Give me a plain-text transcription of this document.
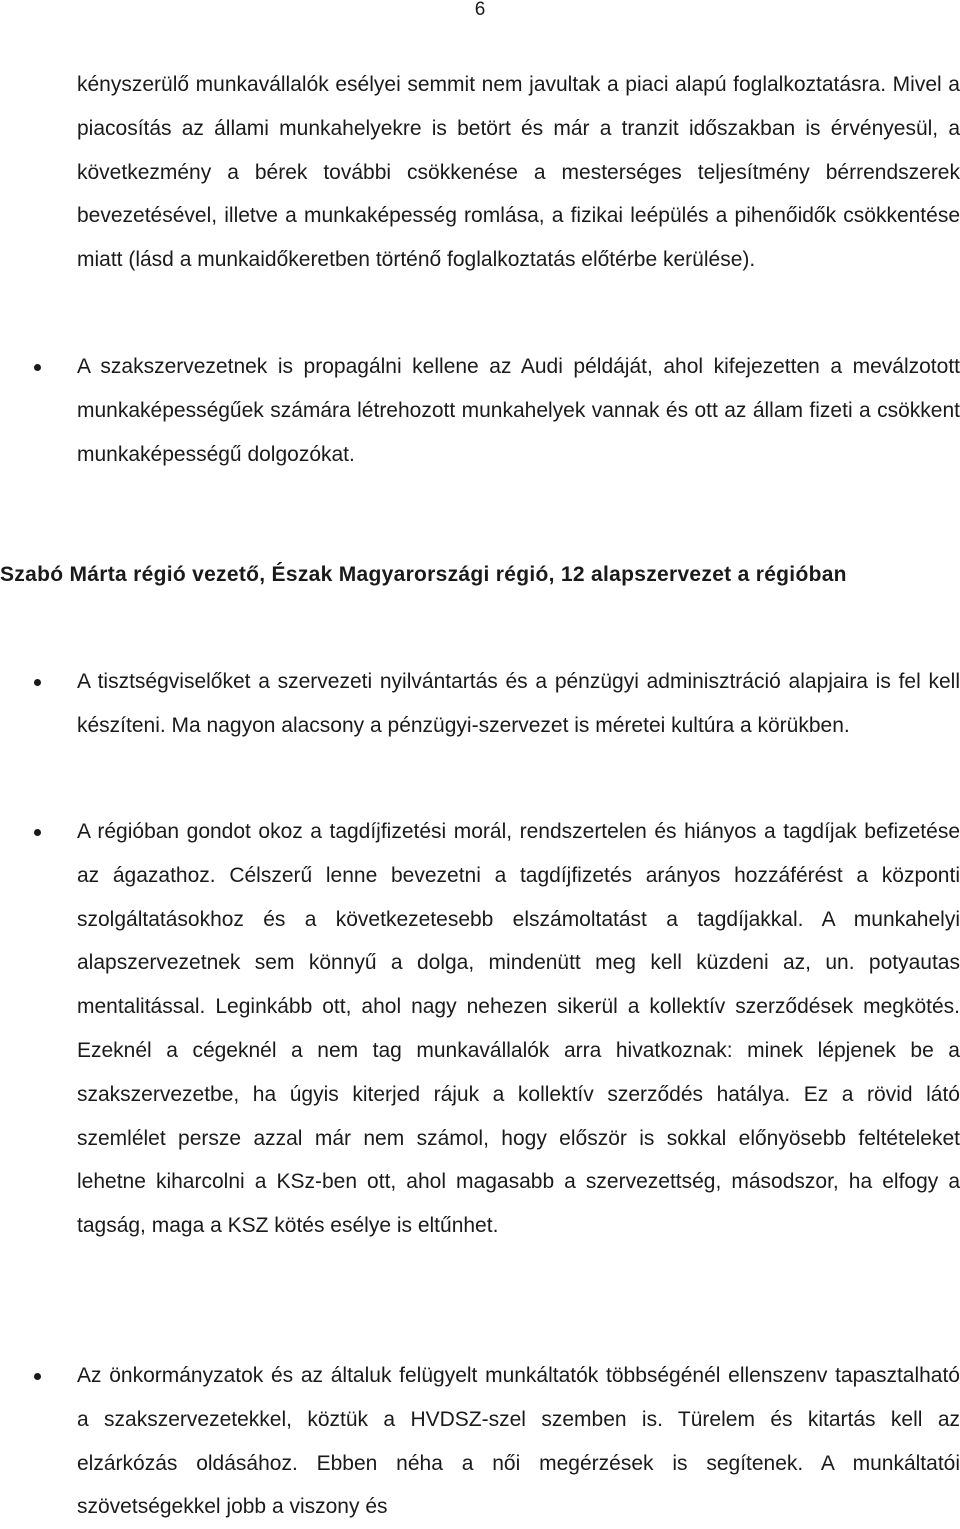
6

kényszerülő munkavállalók esélyei semmit nem javultak a piaci alapú foglalkoztatásra. Mivel a piacosítás az állami munkahelyekre is betört és már a tranzit időszakban is érvényesül, a következmény a bérek további csökkenése a mesterséges teljesítmény bérrendszerek bevezetésével, illetve a munkaképesség romlása, a fizikai leépülés a pihenőidők csökkentése miatt (lásd a munkaidőkeretben történő foglalkoztatás előtérbe kerülése).

A szakszervezetnek is propagálni kellene az Audi példáját, ahol kifejezetten a meválzotott munkaképességűek számára létrehozott munkahelyek vannak és ott az állam fizeti a csökkent munkaképességű dolgozókat.

Szabó Márta régió vezető, Észak Magyarországi régió, 12 alapszervezet a régióban

A tisztségviselőket a szervezeti nyilvántartás és a pénzügyi adminisztráció alapjaira is fel kell készíteni. Ma nagyon alacsony a pénzügyi-szervezet is méretei kultúra a körükben.

A régióban gondot okoz a tagdíjfizetési morál, rendszertelen és hiányos a tagdíjak befizetése az ágazathoz. Célszerű lenne bevezetni a tagdíjfizetés arányos hozzáférést a központi szolgáltatásokhoz és a következetesebb elszámoltatást a tagdíjakkal. A munkahelyi alapszervezetnek sem könnyű a dolga, mindenütt meg kell küzdeni az, un. potyautas mentalitással. Leginkább ott, ahol nagy nehezen sikerül a kollektív szerződések megkötés. Ezeknél a cégeknél a nem tag munkavállalók arra hivatkoznak: minek lépjenek be a szakszervezetbe, ha úgyis kiterjed rájuk a kollektív szerződés hatálya. Ez a rövid látó szemlélet persze azzal már nem számol, hogy először is sokkal előnyösebb feltételeket lehetne kiharcolni a KSz-ben ott, ahol magasabb a szervezettség, másodszor, ha elfogy a tagság, maga a KSZ kötés esélye is eltűnhet.

Az önkormányzatok és az általuk felügyelt munkáltatók többségénél ellenszenv tapasztalható a szakszervezetekkel, köztük a HVDSZ-szel szemben is. Türelem és kitartás kell az elzárkózás oldásához. Ebben néha a női megérzések is segítenek. A munkáltatói szövetségekkel jobb a viszony és
